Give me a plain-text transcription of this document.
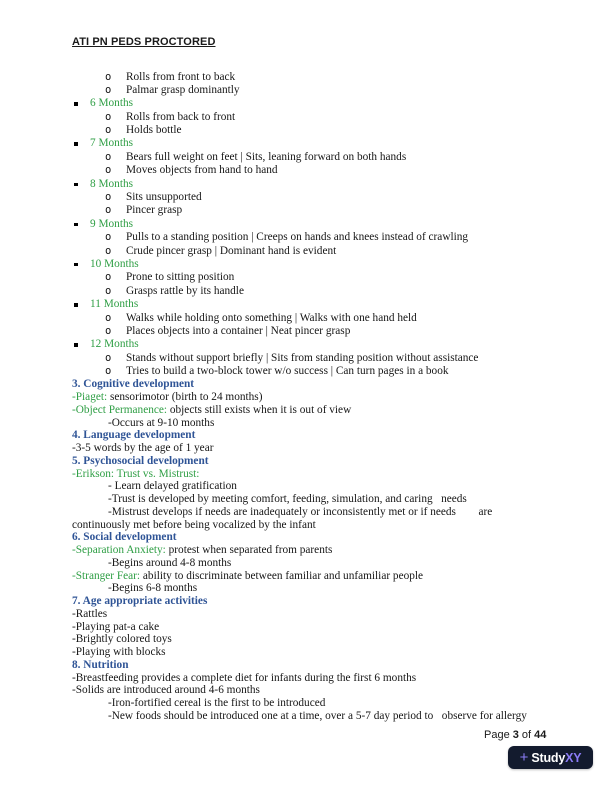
ATI PN PEDS PROCTORED
o Rolls from front to back
o Palmar grasp dominantly
6 Months
o Rolls from back to front
o Holds bottle
7 Months
o Bears full weight on feet | Sits, leaning forward on both hands
o Moves objects from hand to hand
8 Months
o Sits unsupported
o Pincer grasp
9 Months
o Pulls to a standing position | Creeps on hands and knees instead of crawling
o Crude pincer grasp | Dominant hand is evident
10 Months
o Prone to sitting position
o Grasps rattle by its handle
11 Months
o Walks while holding onto something | Walks with one hand held
o Places objects into a container | Neat pincer grasp
12 Months
o Stands without support briefly | Sits from standing position without assistance
o Tries to build a two-block tower w/o success | Can turn pages in a book
3. Cognitive development
-Piaget: sensorimotor (birth to 24 months)
-Object Permanence: objects still exists when it is out of view
-Occurs at 9-10 months
4. Language development
-3-5 words by the age of 1 year
5. Psychosocial development
-Erikson: Trust vs. Mistrust:
- Learn delayed gratification
-Trust is developed by meeting comfort, feeding, simulation, and caring   needs
-Mistrust develops if needs are inadequately or inconsistently met or if needs        are
continuously met before being vocalized by the infant
6. Social development
-Separation Anxiety: protest when separated from parents
-Begins around 4-8 months
-Stranger Fear: ability to discriminate between familiar and unfamiliar people
-Begins 6-8 months
7. Age appropriate activities
-Rattles
-Playing pat-a cake
-Brightly colored toys
-Playing with blocks
8. Nutrition
-Breastfeeding provides a complete diet for infants during the first 6 months
-Solids are introduced around 4-6 months
-Iron-fortified cereal is the first to be introduced
-New foods should be introduced one at a time, over a 5-7 day period to   observe for allergy
Page 3 of 44
+ StudyXY
